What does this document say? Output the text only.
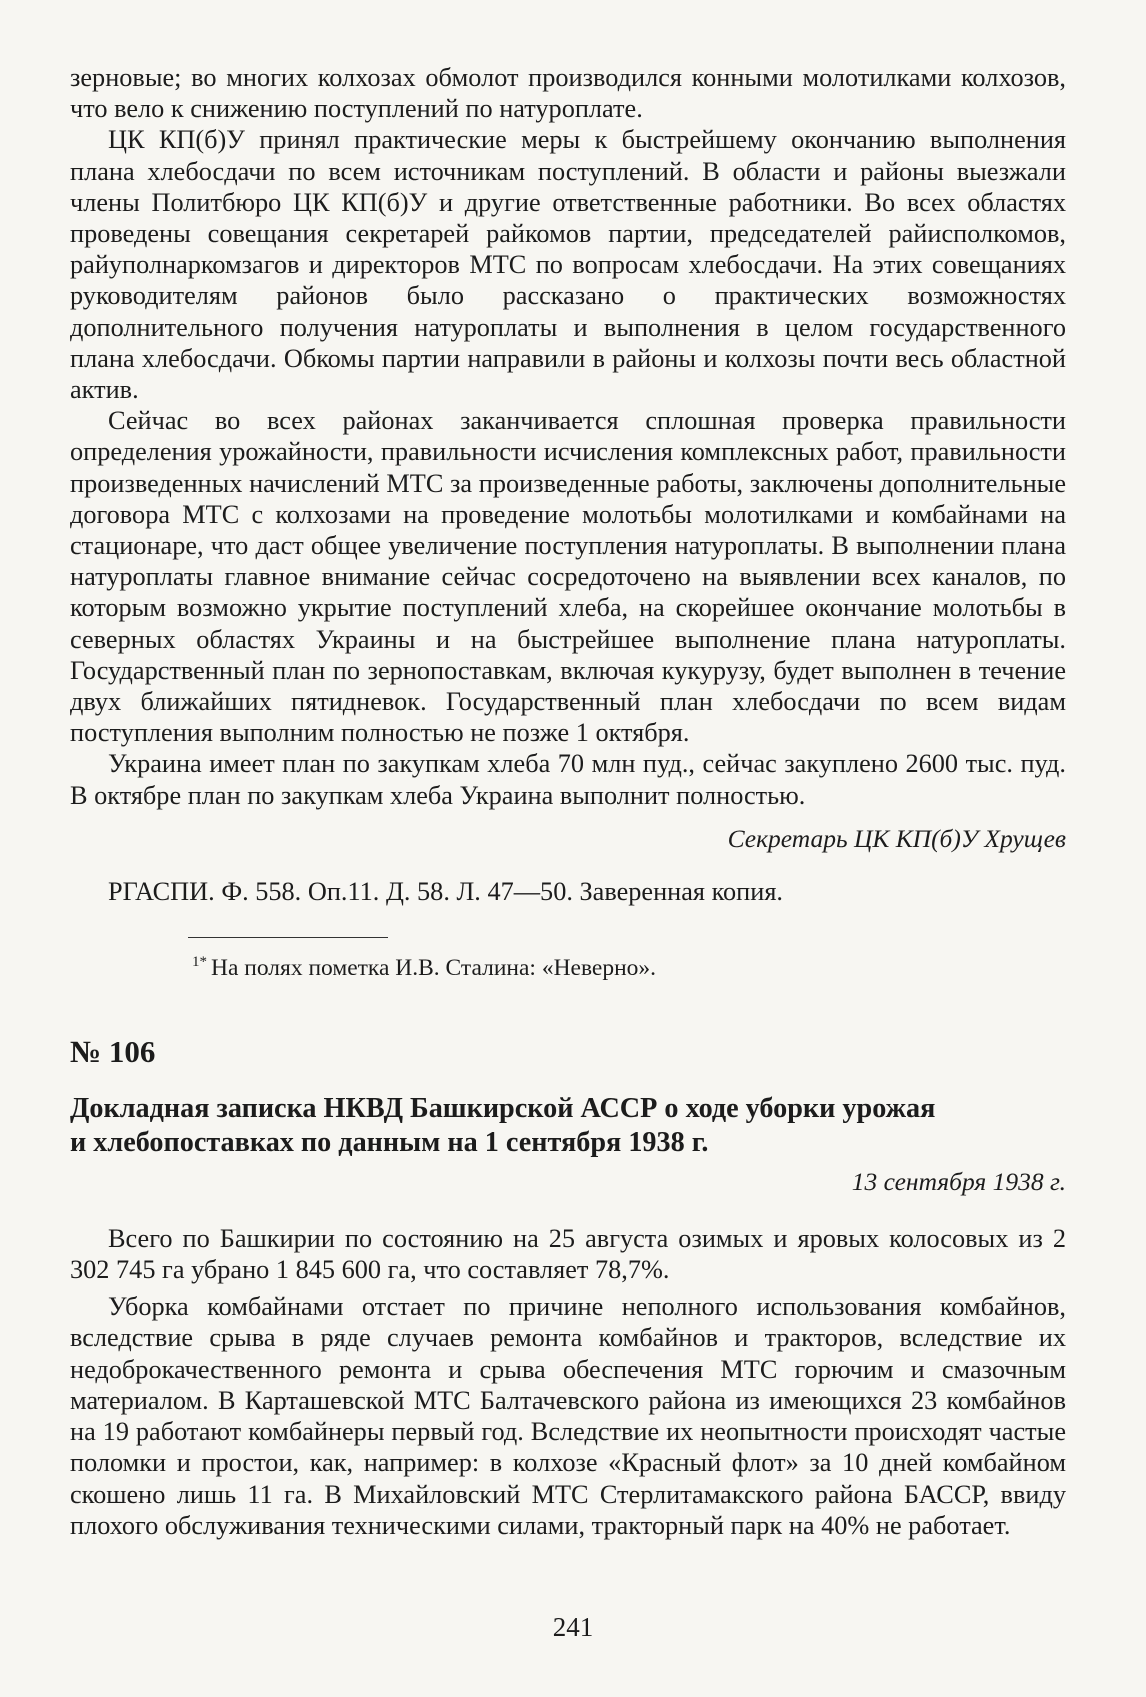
зерновые; во многих колхозах обмолот производился конными молотилками колхозов, что вело к снижению поступлений по натуроплате.

ЦК КП(б)У принял практические меры к быстрейшему окончанию выполнения плана хлебосдачи по всем источникам поступлений. В области и районы выезжали члены Политбюро ЦК КП(б)У и другие ответственные работники. Во всех областях проведены совещания секретарей райкомов партии, председателей райисполкомов, райуполнаркомзагов и директоров МТС по вопросам хлебосдачи. На этих совещаниях руководителям районов было рассказано о практических возможностях дополнительного получения натуроплаты и выполнения в целом государственного плана хлебосдачи. Обкомы партии направили в районы и колхозы почти весь областной актив.

Сейчас во всех районах заканчивается сплошная проверка правильности определения урожайности, правильности исчисления комплексных работ, правильности произведенных начислений МТС за произведенные работы, заключены дополнительные договора МТС с колхозами на проведение молотьбы молотилками и комбайнами на стационаре, что даст общее увеличение поступления натуроплаты. В выполнении плана натуроплаты главное внимание сейчас сосредоточено на выявлении всех каналов, по которым возможно укрытие поступлений хлеба, на скорейшее окончание молотьбы в северных областях Украины и на быстрейшее выполнение плана натуроплаты. Государственный план по зернопоставкам, включая кукурузу, будет выполнен в течение двух ближайших пятидневок. Государственный план хлебосдачи по всем видам поступления выполним полностью не позже 1 октября.

Украина имеет план по закупкам хлеба 70 млн пуд., сейчас закуплено 2600 тыс. пуд. В октябре план по закупкам хлеба Украина выполнит полностью.

Секретарь ЦК КП(б)У Хрущев
РГАСПИ. Ф. 558. Оп.11. Д. 58. Л. 47—50. Заверенная копия.
$^{1*}$ На полях пометка И.В. Сталина: «Неверно».
№ 106
Докладная записка НКВД Башкирской АССР о ходе уборки урожая
и хлебопоставках по данным на 1 сентября 1938 г.
13 сентября 1938 г.

Всего по Башкирии по состоянию на 25 августа озимых и яровых колосовых из 2 302 745 га убрано 1 845 600 га, что составляет 78,7%.

Уборка комбайнами отстает по причине неполного использования комбайнов, вследствие срыва в ряде случаев ремонта комбайнов и тракторов, вследствие их недоброкачественного ремонта и срыва обеспечения МТС горючим и смазочным материалом. В Карташевской МТС Балтачевского района из имеющихся 23 комбайнов на 19 работают комбайнеры первый год. Вследствие их неопытности происходят частые поломки и простои, как, например: в колхозе «Красный флот» за 10 дней комбайном скошено лишь 11 га. В Михайловский МТС Стерлитамакского района БАССР, ввиду плохого обслуживания техническими силами, тракторный парк на 40% не работает.

241
